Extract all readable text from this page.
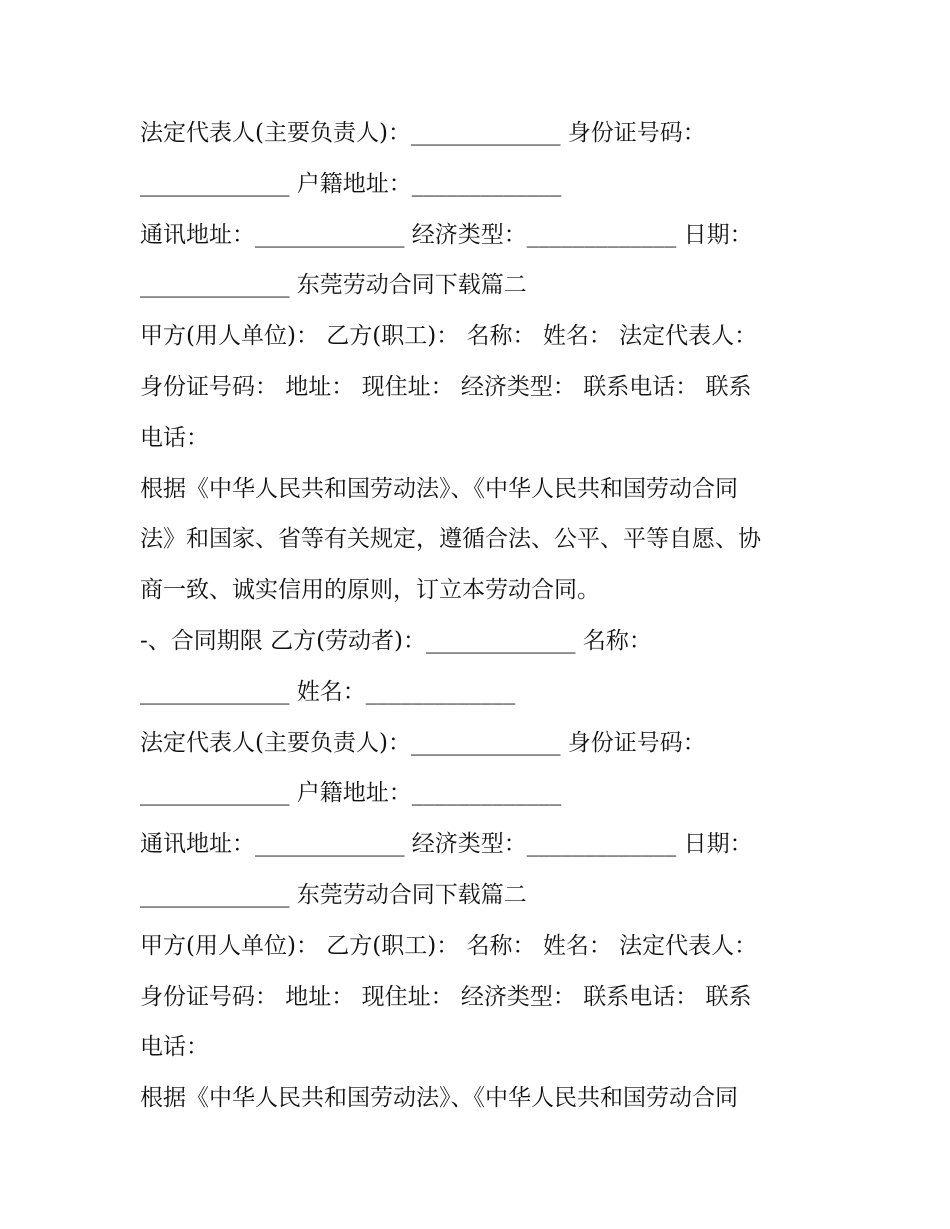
法定代表人(主要负责人)：_____________ 身份证号码：
_____________ 户籍地址：_____________
通讯地址：_____________ 经济类型：_____________ 日期：
_____________ 东莞劳动合同下载篇二
甲方(用人单位)： 乙方(职工)： 名称： 姓名： 法定代表人：
身份证号码： 地址： 现住址： 经济类型： 联系电话： 联系
电话：
根据《中华人民共和国劳动法》、《中华人民共和国劳动合同
法》和国家、省等有关规定，遵循合法、公平、平等自愿、协
商一致、诚实信用的原则，订立本劳动合同。
-、合同期限 乙方(劳动者)：_____________ 名称：
_____________ 姓名：_____________
法定代表人(主要负责人)：_____________ 身份证号码：
_____________ 户籍地址：_____________
通讯地址：_____________ 经济类型：_____________ 日期：
_____________ 东莞劳动合同下载篇二
甲方(用人单位)： 乙方(职工)： 名称： 姓名： 法定代表人：
身份证号码： 地址： 现住址： 经济类型： 联系电话： 联系
电话：
根据《中华人民共和国劳动法》、《中华人民共和国劳动合同
